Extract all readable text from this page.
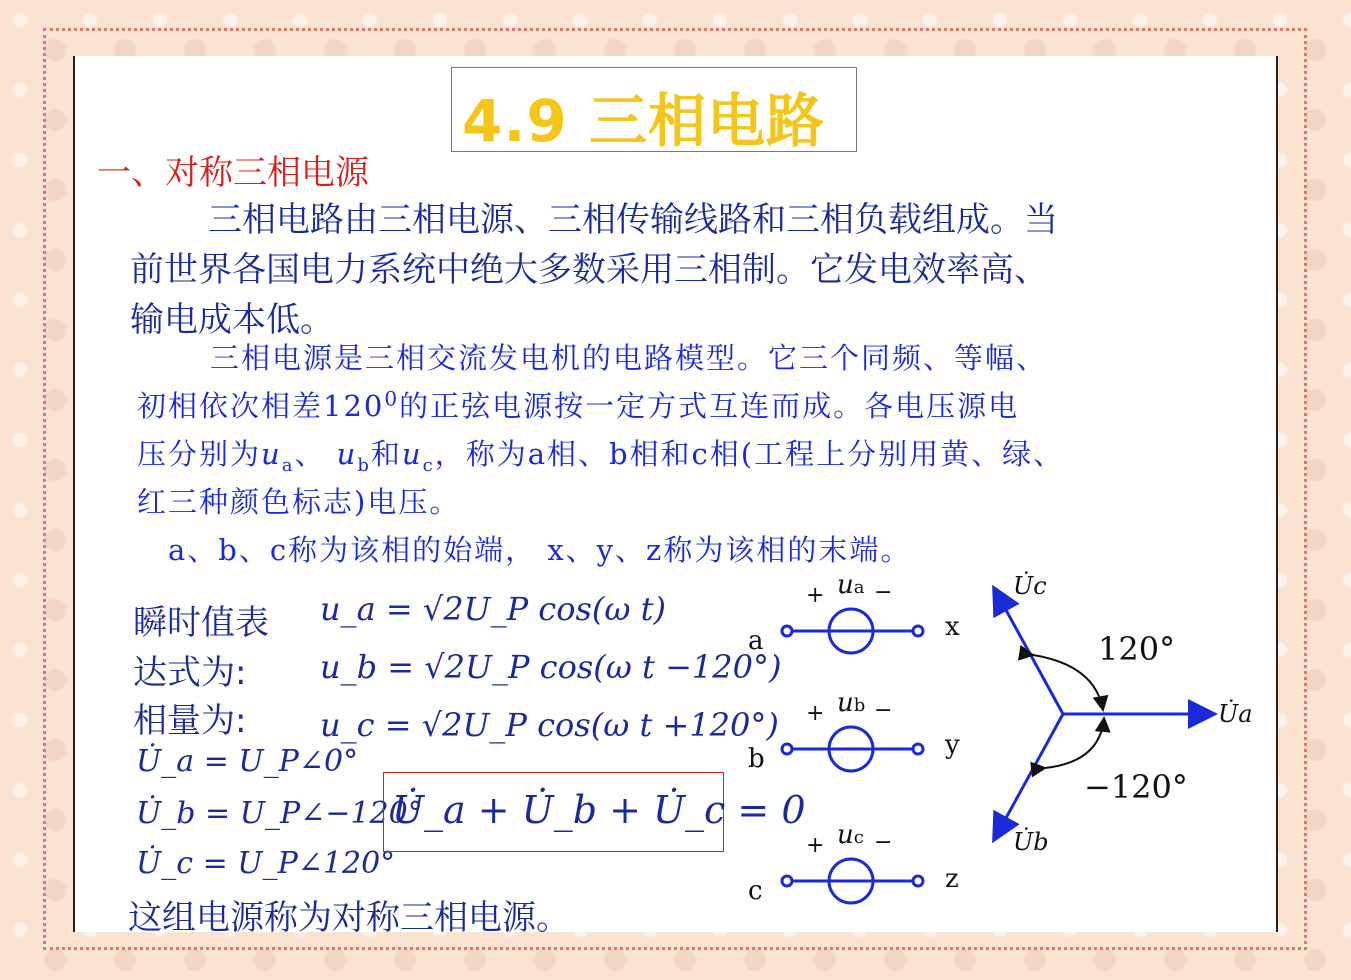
4.9 三相电路
一、对称三相电源
三相电路由三相电源、三相传输线路和三相负载组成。当
前世界各国电力系统中绝大多数采用三相制。它发电效率高、
输电成本低。
三相电源是三相交流发电机的电路模型。它三个同频、等幅、
初相依次相差$120^0$的正弦电源按一定方式互连而成。各电压源电
压分别为$u_a$、 $u_b$和$u_c$，称为a相、b相和c相(工程上分别用黄、绿、
红三种颜色标志)电压。
a、b、c称为该相的始端， x、y、z称为该相的末端。
瞬时值表
达式为:
相量为:
这组电源称为对称三相电源。
u_a = √2U_P cos(ω t)
u_b = √2U_P cos(ω t −120°)
u_c = √2U_P cos(ω t +120°)
U̇_a = U_P∠0°
U̇_b = U_P∠−120°
U̇_c = U_P∠120°
U̇_a + U̇_b + U̇_c = 0
a	x
b	y
c	z
+ ua −
+ ub −
+ uc −
120°
−120°
U̇c
U̇a
U̇b
